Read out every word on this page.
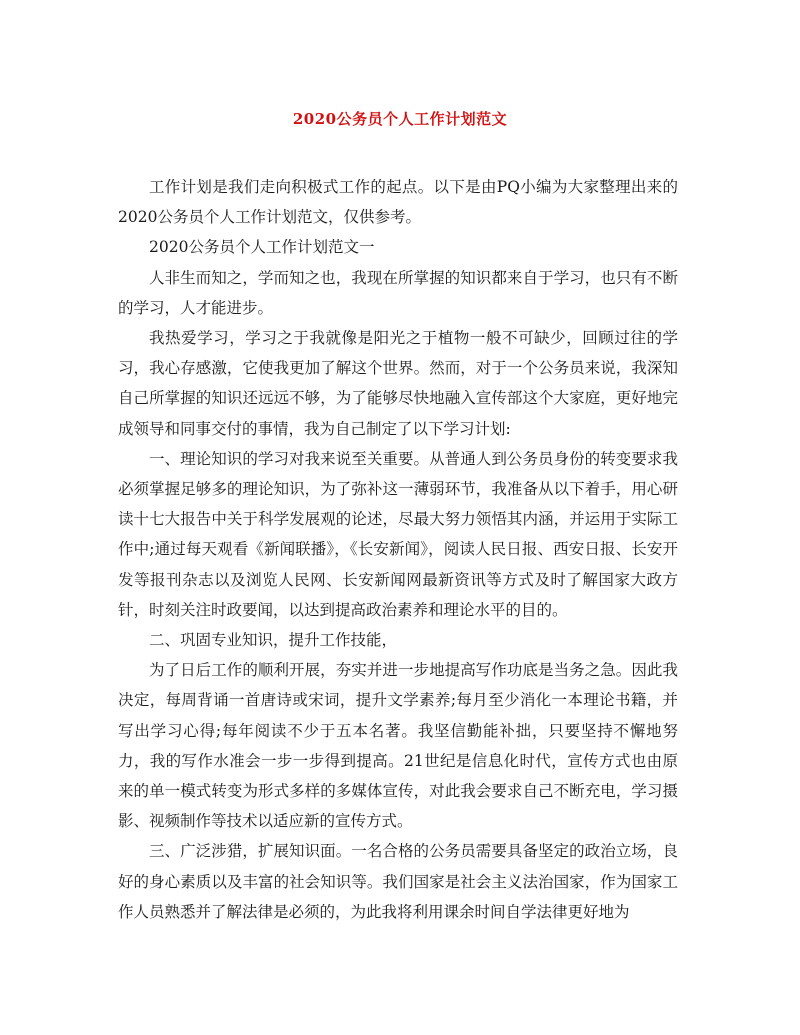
2020公务员个人工作计划范文

工作计划是我们走向积极式工作的起点。以下是由PQ小编为大家整理出来的2020公务员个人工作计划范文，仅供参考。

2020公务员个人工作计划范文一

人非生而知之，学而知之也，我现在所掌握的知识都来自于学习，也只有不断的学习，人才能进步。

我热爱学习，学习之于我就像是阳光之于植物一般不可缺少，回顾过往的学习，我心存感激，它使我更加了解这个世界。然而，对于一个公务员来说，我深知自己所掌握的知识还远远不够，为了能够尽快地融入宣传部这个大家庭，更好地完成领导和同事交付的事情，我为自己制定了以下学习计划:

一、理论知识的学习对我来说至关重要。从普通人到公务员身份的转变要求我必须掌握足够多的理论知识，为了弥补这一薄弱环节，我准备从以下着手，用心研读十七大报告中关于科学发展观的论述，尽最大努力领悟其内涵，并运用于实际工作中;通过每天观看《新闻联播》，《长安新闻》，阅读人民日报、西安日报、长安开发等报刊杂志以及浏览人民网、长安新闻网最新资讯等方式及时了解国家大政方针，时刻关注时政要闻，以达到提高政治素养和理论水平的目的。

二、巩固专业知识，提升工作技能，

为了日后工作的顺利开展，夯实并进一步地提高写作功底是当务之急。因此我决定，每周背诵一首唐诗或宋词，提升文学素养;每月至少消化一本理论书籍，并写出学习心得;每年阅读不少于五本名著。我坚信勤能补拙，只要坚持不懈地努力，我的写作水准会一步一步得到提高。21世纪是信息化时代，宣传方式也由原来的单一模式转变为形式多样的多媒体宣传，对此我会要求自己不断充电，学习摄影、视频制作等技术以适应新的宣传方式。

三、广泛涉猎，扩展知识面。一名合格的公务员需要具备坚定的政治立场，良好的身心素质以及丰富的社会知识等。我们国家是社会主义法治国家，作为国家工作人员熟悉并了解法律是必须的，为此我将利用课余时间自学法律更好地为
